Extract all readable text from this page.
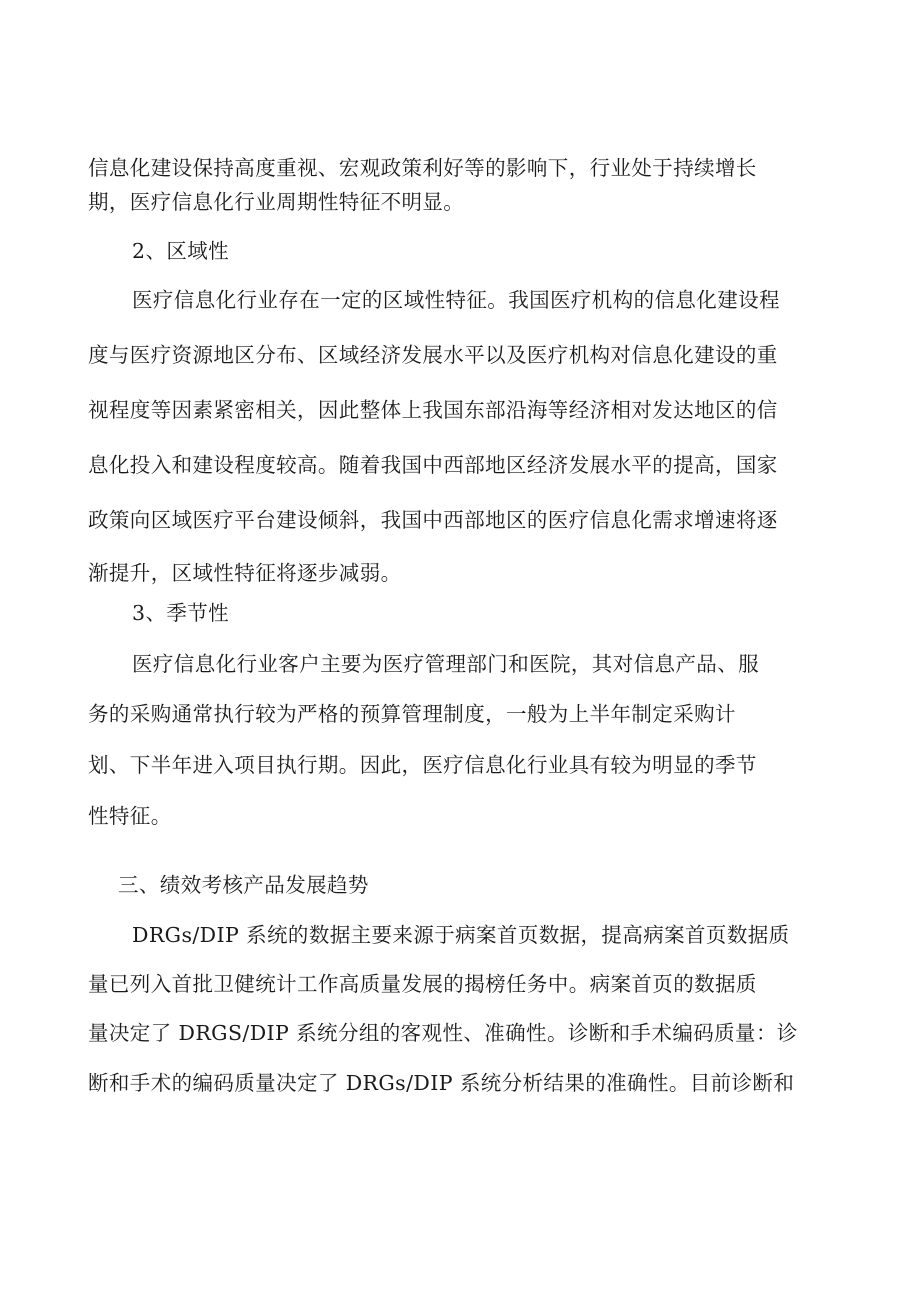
信息化建设保持高度重视、宏观政策利好等的影响下，行业处于持续增长
期，医疗信息化行业周期性特征不明显。
2、区域性
医疗信息化行业存在一定的区域性特征。我国医疗机构的信息化建设程
度与医疗资源地区分布、区域经济发展水平以及医疗机构对信息化建设的重
视程度等因素紧密相关，因此整体上我国东部沿海等经济相对发达地区的信
息化投入和建设程度较高。随着我国中西部地区经济发展水平的提高，国家
政策向区域医疗平台建设倾斜，我国中西部地区的医疗信息化需求增速将逐
渐提升，区域性特征将逐步减弱。
3、季节性
医疗信息化行业客户主要为医疗管理部门和医院，其对信息产品、服
务的采购通常执行较为严格的预算管理制度，一般为上半年制定采购计
划、下半年进入项目执行期。因此，医疗信息化行业具有较为明显的季节
性特征。
三、绩效考核产品发展趋势
DRGs/DIP 系统的数据主要来源于病案首页数据，提高病案首页数据质
量已列入首批卫健统计工作高质量发展的揭榜任务中。病案首页的数据质
量决定了 DRGS/DIP 系统分组的客观性、准确性。诊断和手术编码质量：诊
断和手术的编码质量决定了 DRGs/DIP 系统分析结果的准确性。目前诊断和
